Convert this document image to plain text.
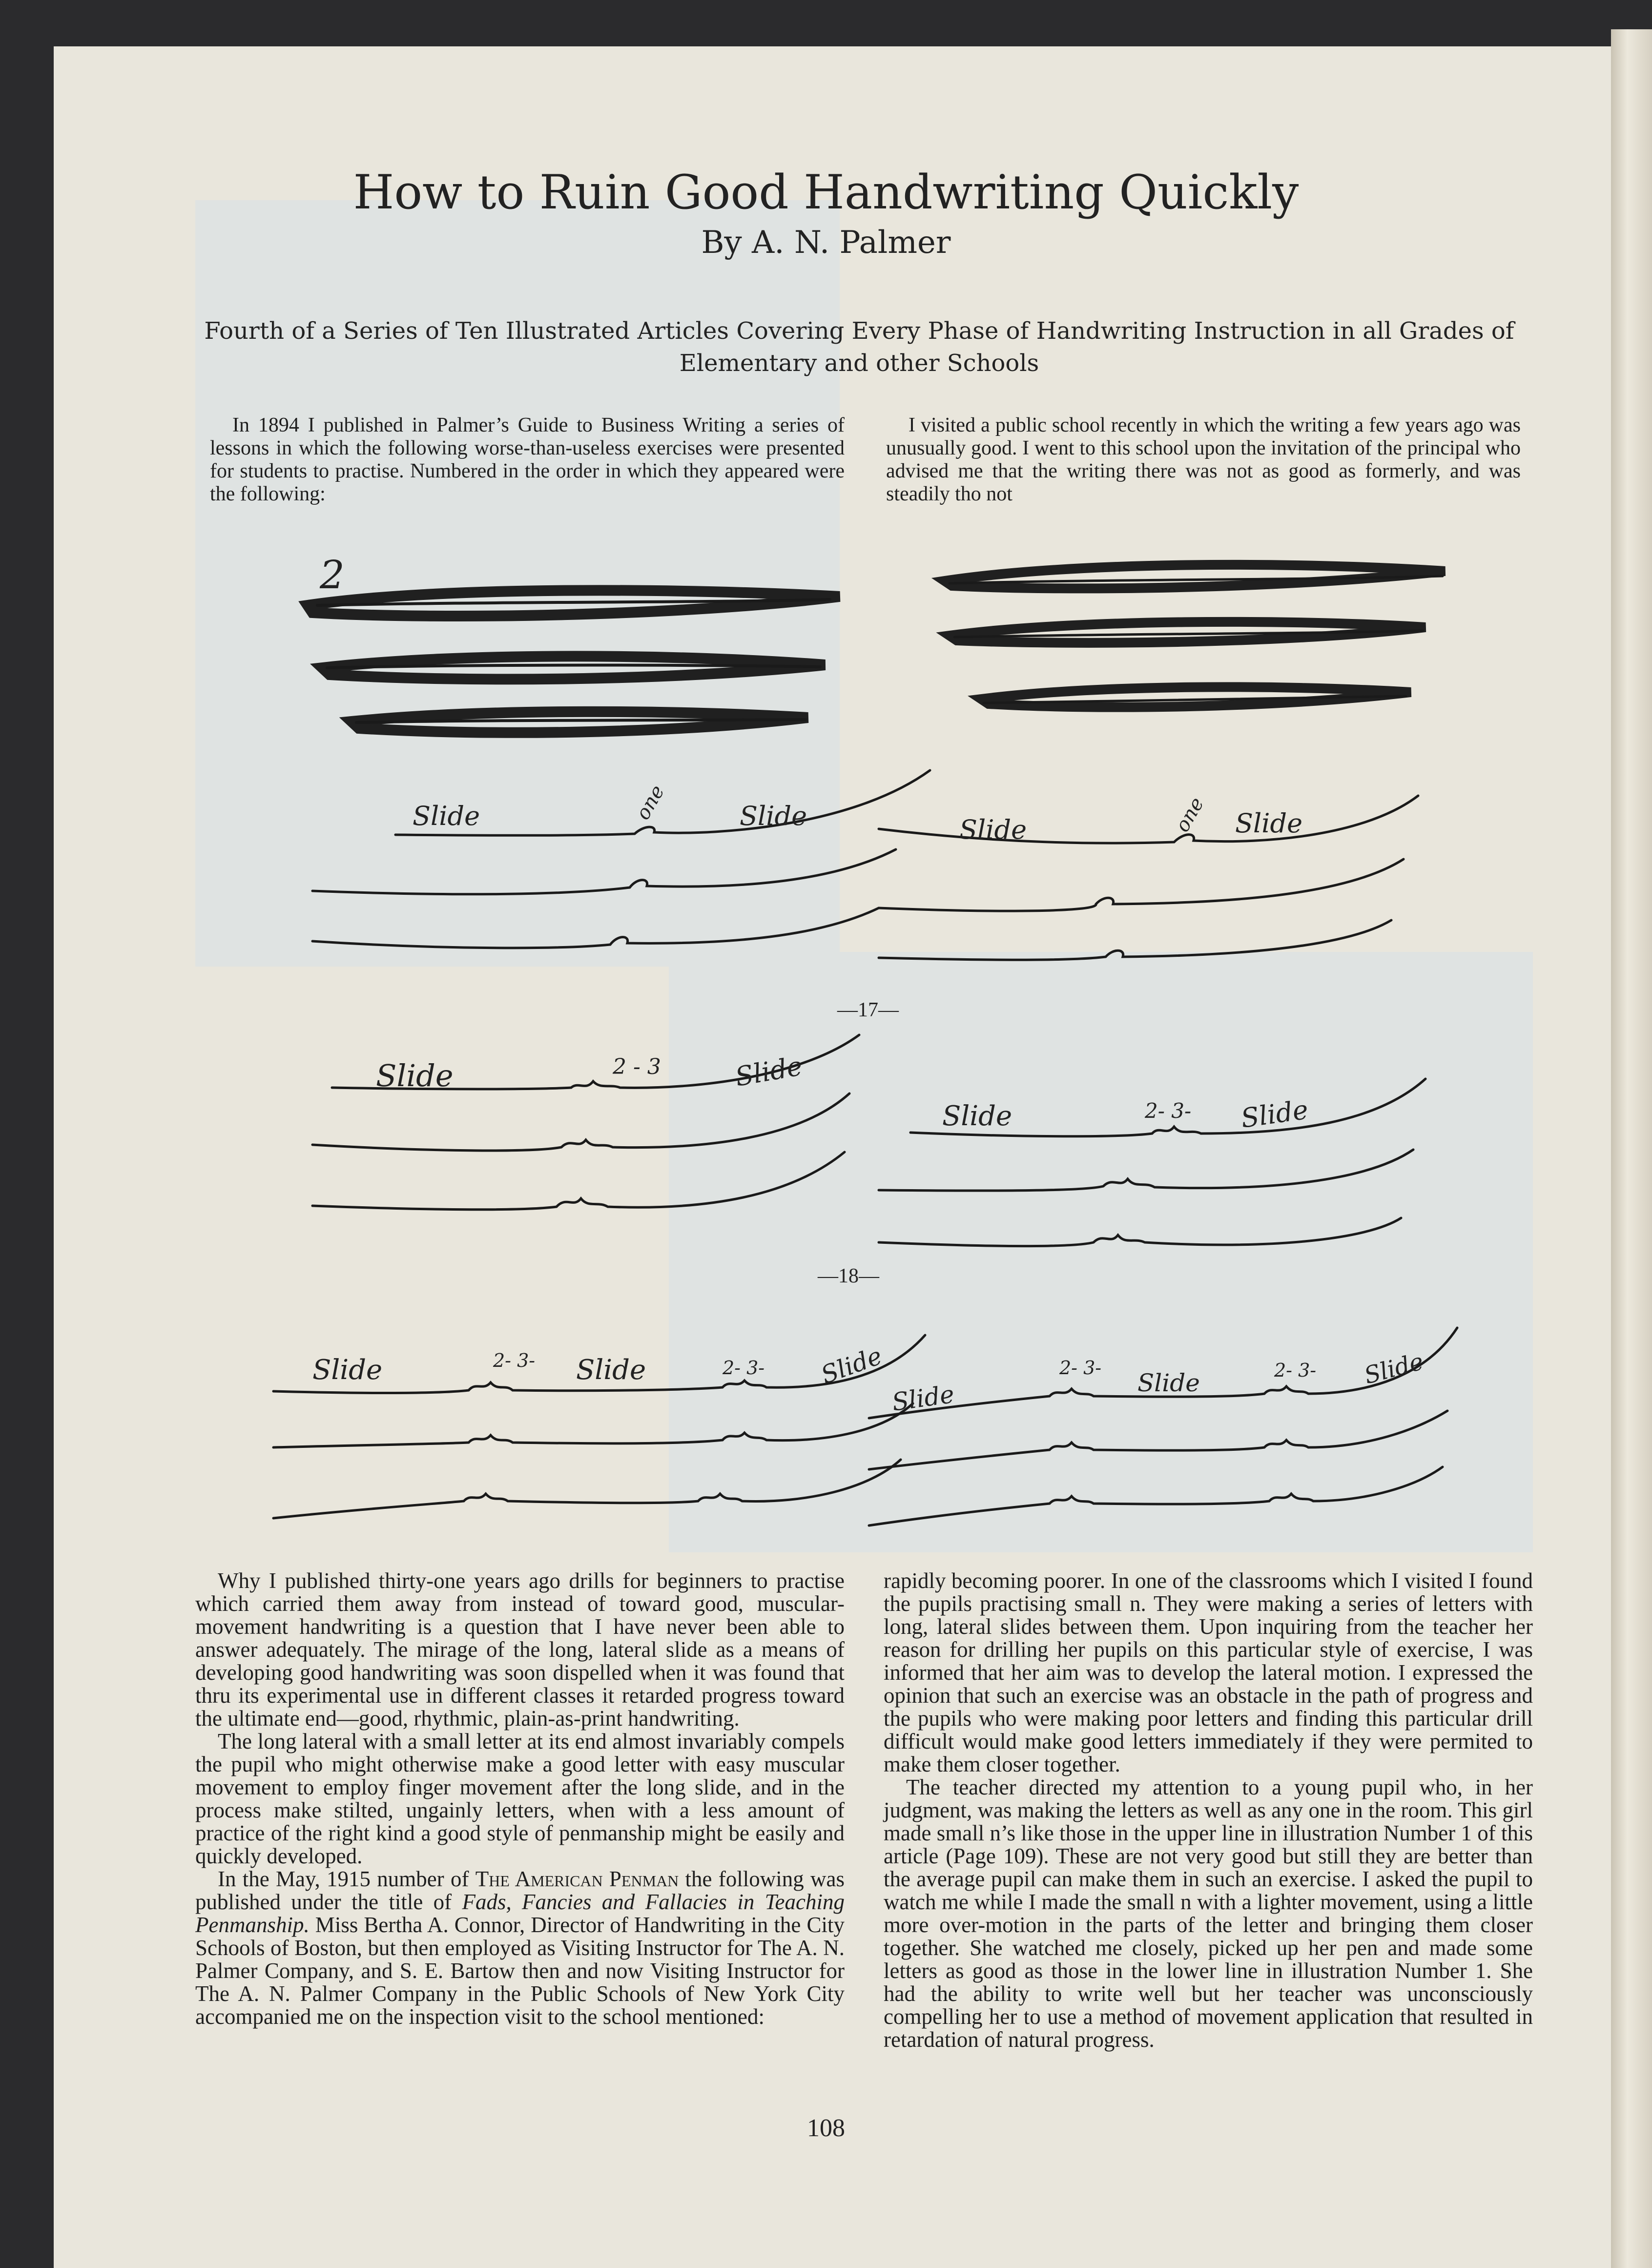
How to Ruin Good Handwriting Quickly
By A. N. Palmer
Fourth of a Series of Ten Illustrated Articles Covering Every Phase of Handwriting Instruction in all Grades of Elementary and other Schools

In 1894 I published in Palmer’s Guide to Business Writing a series of lessons in which the following worse-than-useless exercises were presented for students to practise. Numbered in the order in which they appeared were the following:

I visited a public school recently in which the writing a few years ago was unusually good. I went to this school upon the invitation of the principal who advised me that the writing there was not as good as formerly, and was steadily tho not

2
Slide	one	Slide	Slide	one Slide
Slide	2 - 3	Slide
Slide	2- 3- Slide
Slide	2- 3- Slide	2- 3- Slide
Slide
2- 3-
Slide	2- 3- Slide
—17—
—18—

Why I published thirty-one years ago drills for beginners to practise which carried them away from instead of toward good, muscular-movement handwriting is a question that I have never been able to answer adequately. The mirage of the long, lateral slide as a means of developing good handwriting was soon dispelled when it was found that thru its experimental use in different classes it retarded progress toward the ultimate end—good, rhythmic, plain-as-print handwriting.

The long lateral with a small letter at its end almost invariably compels the pupil who might otherwise make a good letter with easy muscular movement to employ finger movement after the long slide, and in the process make stilted, ungainly letters, when with a less amount of practice of the right kind a good style of penmanship might be easily and quickly developed.

In the May, 1915 number of The American Penman the following was published under the title of Fads, Fancies and Fallacies in Teaching Penmanship. Miss Bertha A. Connor, Director of Handwriting in the City Schools of Boston, but then employed as Visiting Instructor for The A. N. Palmer Company, and S. E. Bartow then and now Visiting Instructor for The A. N. Palmer Company in the Public Schools of New York City accompanied me on the inspection visit to the school mentioned:

rapidly becoming poorer. In one of the classrooms which I visited I found the pupils practising small n. They were making a series of letters with long, lateral slides between them. Upon inquiring from the teacher her reason for drilling her pupils on this particular style of exercise, I was informed that her aim was to develop the lateral motion. I expressed the opinion that such an exercise was an obstacle in the path of progress and the pupils who were making poor letters and finding this particular drill difficult would make good letters immediately if they were permited to make them closer together.

The teacher directed my attention to a young pupil who, in her judgment, was making the letters as well as any one in the room. This girl made small n’s like those in the upper line in illustration Number 1 of this article (Page 109). These are not very good but still they are better than the average pupil can make them in such an exercise. I asked the pupil to watch me while I made the small n with a lighter movement, using a little more over-motion in the parts of the letter and bringing them closer together. She watched me closely, picked up her pen and made some letters as good as those in the lower line in illustration Number 1. She had the ability to write well but her teacher was unconsciously compelling her to use a method of movement application that resulted in retardation of natural progress.

108
